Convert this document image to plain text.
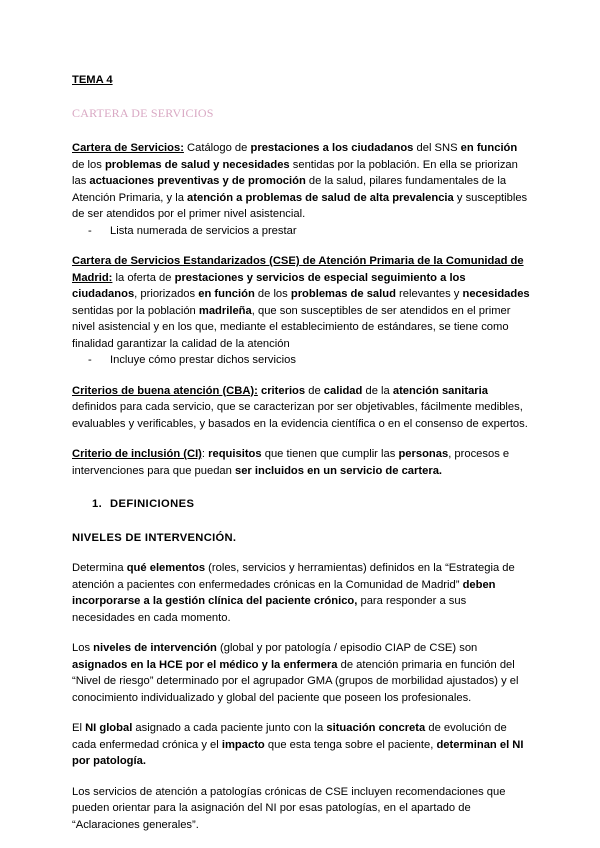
TEMA 4

CARTERA DE SERVICIOS

Cartera de Servicios: Catálogo de prestaciones a los ciudadanos del SNS en función de los problemas de salud y necesidades sentidas por la población. En ella se priorizan las actuaciones preventivas y de promoción de la salud, pilares fundamentales de la Atención Primaria, y la atención a problemas de salud de alta prevalencia y susceptibles de ser atendidos por el primer nivel asistencial.

- Lista numerada de servicios a prestar

Cartera de Servicios Estandarizados (CSE) de Atención Primaria de la Comunidad de Madrid: la oferta de prestaciones y servicios de especial seguimiento a los ciudadanos, priorizados en función de los problemas de salud relevantes y necesidades sentidas por la población madrileña, que son susceptibles de ser atendidos en el primer nivel asistencial y en los que, mediante el establecimiento de estándares, se tiene como finalidad garantizar la calidad de la atención

- Incluye cómo prestar dichos servicios

Criterios de buena atención (CBA): criterios de calidad de la atención sanitaria definidos para cada servicio, que se caracterizan por ser objetivables, fácilmente medibles, evaluables y verificables, y basados en la evidencia científica o en el consenso de expertos.

Criterio de inclusión (CI): requisitos que tienen que cumplir las personas, procesos e intervenciones para que puedan ser incluidos en un servicio de cartera.

1. DEFINICIONES

NIVELES DE INTERVENCIÓN.

Determina qué elementos (roles, servicios y herramientas) definidos en la “Estrategia de atención a pacientes con enfermedades crónicas en la Comunidad de Madrid” deben incorporarse a la gestión clínica del paciente crónico, para responder a sus necesidades en cada momento.

Los niveles de intervención (global y por patología / episodio CIAP de CSE) son asignados en la HCE por el médico y la enfermera de atención primaria en función del “Nivel de riesgo” determinado por el agrupador GMA (grupos de morbilidad ajustados) y el conocimiento individualizado y global del paciente que poseen los profesionales.

El NI global asignado a cada paciente junto con la situación concreta de evolución de cada enfermedad crónica y el impacto que esta tenga sobre el paciente, determinan el NI por patología.

Los servicios de atención a patologías crónicas de CSE incluyen recomendaciones que pueden orientar para la asignación del NI por esas patologías, en el apartado de “Aclaraciones generales”.
